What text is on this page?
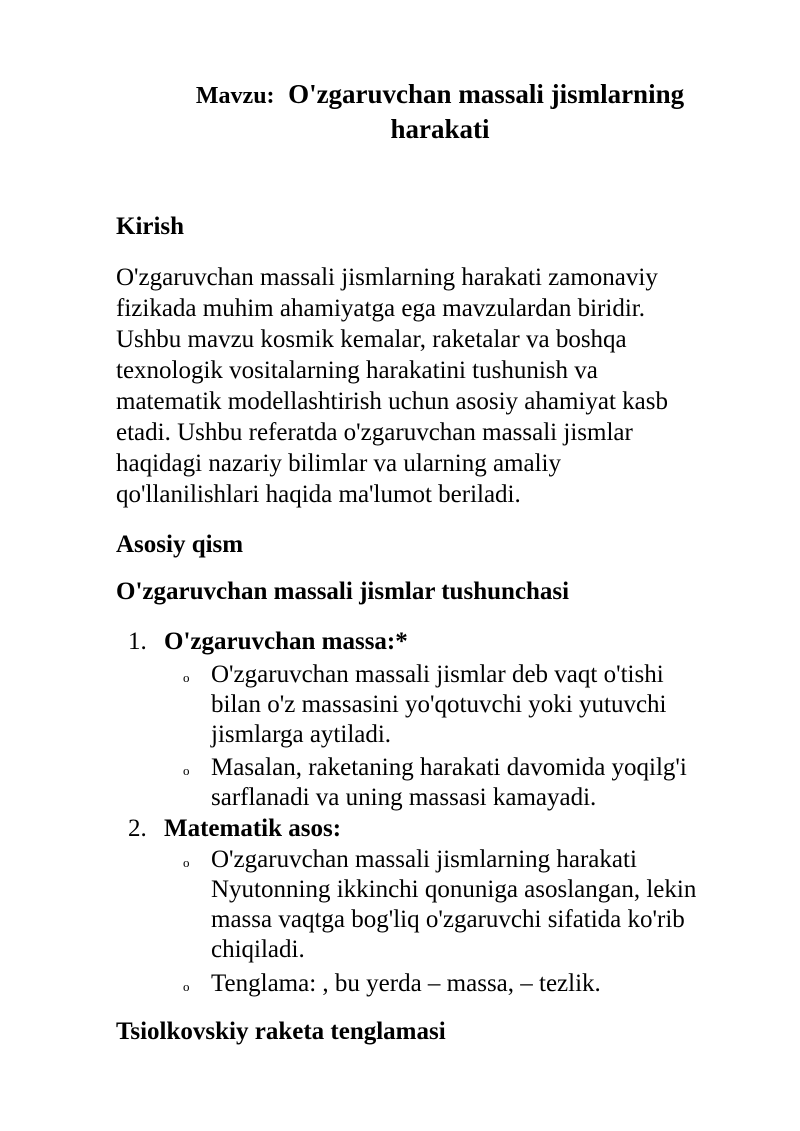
Mavzu: O'zgaruvchan massali jismlarning
harakati
Kirish
O'zgaruvchan massali jismlarning harakati zamonaviy
fizikada muhim ahamiyatga ega mavzulardan biridir.
Ushbu mavzu kosmik kemalar, raketalar va boshqa
texnologik vositalarning harakatini tushunish va
matematik modellashtirish uchun asosiy ahamiyat kasb
etadi. Ushbu referatda o'zgaruvchan massali jismlar
haqidagi nazariy bilimlar va ularning amaliy
qo'llanilishlari haqida ma'lumot beriladi.
Asosiy qism
O'zgaruvchan massali jismlar tushunchasi
1. O'zgaruvchan massa:*
o O'zgaruvchan massali jismlar deb vaqt o'tishi
bilan o'z massasini yo'qotuvchi yoki yutuvchi
jismlarga aytiladi.
o Masalan, raketaning harakati davomida yoqilg'i
sarflanadi va uning massasi kamayadi.
2. Matematik asos:
o O'zgaruvchan massali jismlarning harakati
Nyutonning ikkinchi qonuniga asoslangan, lekin
massa vaqtga bog'liq o'zgaruvchi sifatida ko'rib
chiqiladi.
o Tenglama: , bu yerda – massa, – tezlik.
Tsiolkovskiy raketa tenglamasi
